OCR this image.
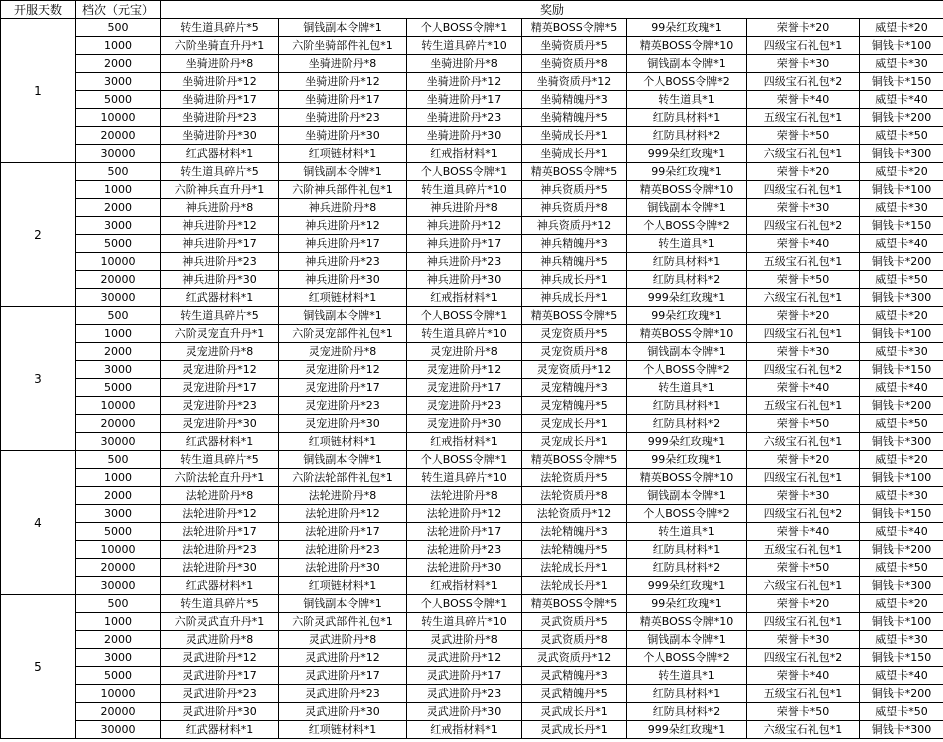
开服天数	档次（元宝）	奖励						
1	500	转生道具碎片*5	铜钱副本令牌*1	个人BOSS令牌*1	精英BOSS令牌*5	99朵红玫瑰*1	荣誉卡*20	威望卡*20
	1000	六阶坐骑直升丹*1	六阶坐骑部件礼包*1	转生道具碎片*10	坐骑资质丹*5	精英BOSS令牌*10	四级宝石礼包*1	铜钱卡*100
	2000	坐骑进阶丹*8	坐骑进阶丹*8	坐骑进阶丹*8	坐骑资质丹*8	铜钱副本令牌*1	荣誉卡*30	威望卡*30
	3000	坐骑进阶丹*12	坐骑进阶丹*12	坐骑进阶丹*12	坐骑资质丹*12	个人BOSS令牌*2	四级宝石礼包*2	铜钱卡*150
	5000	坐骑进阶丹*17	坐骑进阶丹*17	坐骑进阶丹*17	坐骑精魄丹*3	转生道具*1	荣誉卡*40	威望卡*40
	10000	坐骑进阶丹*23	坐骑进阶丹*23	坐骑进阶丹*23	坐骑精魄丹*5	红防具材料*1	五级宝石礼包*1	铜钱卡*200
	20000	坐骑进阶丹*30	坐骑进阶丹*30	坐骑进阶丹*30	坐骑成长丹*1	红防具材料*2	荣誉卡*50	威望卡*50
	30000	红武器材料*1	红项链材料*1	红戒指材料*1	坐骑成长丹*1	999朵红玫瑰*1	六级宝石礼包*1	铜钱卡*300
2	500	转生道具碎片*5	铜钱副本令牌*1	个人BOSS令牌*1	精英BOSS令牌*5	99朵红玫瑰*1	荣誉卡*20	威望卡*20
	1000	六阶神兵直升丹*1	六阶神兵部件礼包*1	转生道具碎片*10	神兵资质丹*5	精英BOSS令牌*10	四级宝石礼包*1	铜钱卡*100
	2000	神兵进阶丹*8	神兵进阶丹*8	神兵进阶丹*8	神兵资质丹*8	铜钱副本令牌*1	荣誉卡*30	威望卡*30
	3000	神兵进阶丹*12	神兵进阶丹*12	神兵进阶丹*12	神兵资质丹*12	个人BOSS令牌*2	四级宝石礼包*2	铜钱卡*150
	5000	神兵进阶丹*17	神兵进阶丹*17	神兵进阶丹*17	神兵精魄丹*3	转生道具*1	荣誉卡*40	威望卡*40
	10000	神兵进阶丹*23	神兵进阶丹*23	神兵进阶丹*23	神兵精魄丹*5	红防具材料*1	五级宝石礼包*1	铜钱卡*200
	20000	神兵进阶丹*30	神兵进阶丹*30	神兵进阶丹*30	神兵成长丹*1	红防具材料*2	荣誉卡*50	威望卡*50
	30000	红武器材料*1	红项链材料*1	红戒指材料*1	神兵成长丹*1	999朵红玫瑰*1	六级宝石礼包*1	铜钱卡*300
3	500	转生道具碎片*5	铜钱副本令牌*1	个人BOSS令牌*1	精英BOSS令牌*5	99朵红玫瑰*1	荣誉卡*20	威望卡*20
	1000	六阶灵宠直升丹*1	六阶灵宠部件礼包*1	转生道具碎片*10	灵宠资质丹*5	精英BOSS令牌*10	四级宝石礼包*1	铜钱卡*100
	2000	灵宠进阶丹*8	灵宠进阶丹*8	灵宠进阶丹*8	灵宠资质丹*8	铜钱副本令牌*1	荣誉卡*30	威望卡*30
	3000	灵宠进阶丹*12	灵宠进阶丹*12	灵宠进阶丹*12	灵宠资质丹*12	个人BOSS令牌*2	四级宝石礼包*2	铜钱卡*150
	5000	灵宠进阶丹*17	灵宠进阶丹*17	灵宠进阶丹*17	灵宠精魄丹*3	转生道具*1	荣誉卡*40	威望卡*40
	10000	灵宠进阶丹*23	灵宠进阶丹*23	灵宠进阶丹*23	灵宠精魄丹*5	红防具材料*1	五级宝石礼包*1	铜钱卡*200
	20000	灵宠进阶丹*30	灵宠进阶丹*30	灵宠进阶丹*30	灵宠成长丹*1	红防具材料*2	荣誉卡*50	威望卡*50
	30000	红武器材料*1	红项链材料*1	红戒指材料*1	灵宠成长丹*1	999朵红玫瑰*1	六级宝石礼包*1	铜钱卡*300
4	500	转生道具碎片*5	铜钱副本令牌*1	个人BOSS令牌*1	精英BOSS令牌*5	99朵红玫瑰*1	荣誉卡*20	威望卡*20
	1000	六阶法轮直升丹*1	六阶法轮部件礼包*1	转生道具碎片*10	法轮资质丹*5	精英BOSS令牌*10	四级宝石礼包*1	铜钱卡*100
	2000	法轮进阶丹*8	法轮进阶丹*8	法轮进阶丹*8	法轮资质丹*8	铜钱副本令牌*1	荣誉卡*30	威望卡*30
	3000	法轮进阶丹*12	法轮进阶丹*12	法轮进阶丹*12	法轮资质丹*12	个人BOSS令牌*2	四级宝石礼包*2	铜钱卡*150
	5000	法轮进阶丹*17	法轮进阶丹*17	法轮进阶丹*17	法轮精魄丹*3	转生道具*1	荣誉卡*40	威望卡*40
	10000	法轮进阶丹*23	法轮进阶丹*23	法轮进阶丹*23	法轮精魄丹*5	红防具材料*1	五级宝石礼包*1	铜钱卡*200
	20000	法轮进阶丹*30	法轮进阶丹*30	法轮进阶丹*30	法轮成长丹*1	红防具材料*2	荣誉卡*50	威望卡*50
	30000	红武器材料*1	红项链材料*1	红戒指材料*1	法轮成长丹*1	999朵红玫瑰*1	六级宝石礼包*1	铜钱卡*300
5	500	转生道具碎片*5	铜钱副本令牌*1	个人BOSS令牌*1	精英BOSS令牌*5	99朵红玫瑰*1	荣誉卡*20	威望卡*20
	1000	六阶灵武直升丹*1	六阶灵武部件礼包*1	转生道具碎片*10	灵武资质丹*5	精英BOSS令牌*10	四级宝石礼包*1	铜钱卡*100
	2000	灵武进阶丹*8	灵武进阶丹*8	灵武进阶丹*8	灵武资质丹*8	铜钱副本令牌*1	荣誉卡*30	威望卡*30
	3000	灵武进阶丹*12	灵武进阶丹*12	灵武进阶丹*12	灵武资质丹*12	个人BOSS令牌*2	四级宝石礼包*2	铜钱卡*150
	5000	灵武进阶丹*17	灵武进阶丹*17	灵武进阶丹*17	灵武精魄丹*3	转生道具*1	荣誉卡*40	威望卡*40
	10000	灵武进阶丹*23	灵武进阶丹*23	灵武进阶丹*23	灵武精魄丹*5	红防具材料*1	五级宝石礼包*1	铜钱卡*200
	20000	灵武进阶丹*30	灵武进阶丹*30	灵武进阶丹*30	灵武成长丹*1	红防具材料*2	荣誉卡*50	威望卡*50
	30000	红武器材料*1	红项链材料*1	红戒指材料*1	灵武成长丹*1	999朵红玫瑰*1	六级宝石礼包*1	铜钱卡*300
